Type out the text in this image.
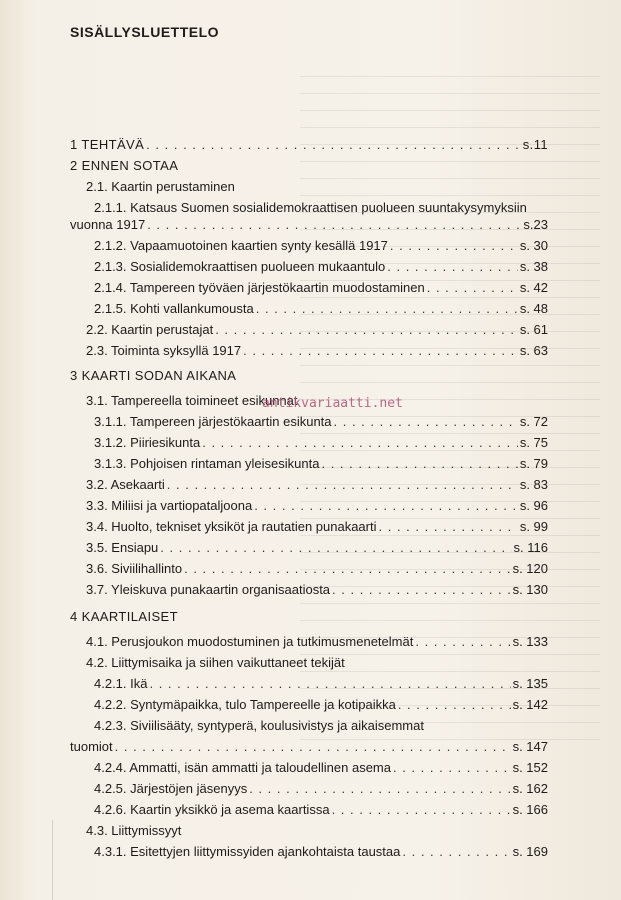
SISÄLLYSLUETTELO
1 TEHTÄVÄ . . .	s.11
2 ENNEN SOTAA
2.1. Kaartin perustaminen
2.1.1. Katsaus Suomen sosialidemokraattisen puolueen suuntakysymyksiin
vuonna 1917 . . .	s.23
2.1.2. Vapaamuotoinen kaartien synty kesällä 1917 . . .	s. 30
2.1.3. Sosialidemokraattisen puolueen mukaantulo . . .	s. 38
2.1.4. Tampereen työväen järjestökaartin muodostaminen . . .	s. 42
2.1.5. Kohti vallankumousta . . .	s. 48
2.2. Kaartin perustajat . . .	s. 61
2.3. Toiminta syksyllä 1917 . . .	s. 63
3 KAARTI SODAN AIKANA
3.1. Tampereella toimineet esikunnat
3.1.1. Tampereen järjestökaartin esikunta . . .	s. 72
3.1.2. Piiriesikunta . . .	s. 75
3.1.3. Pohjoisen rintaman yleisesikunta . . .	s. 79
3.2. Asekaarti . . .	s. 83
3.3. Miliisi ja vartiopataljoona . . .	s. 96
3.4. Huolto, tekniset yksiköt ja rautatien punakaarti . . .	s. 99
3.5. Ensiapu . . .	s. 116
3.6. Siviilihallinto . . .	s. 120
3.7. Yleiskuva punakaartin organisaatiosta . . .	s. 130
4 KAARTILAISET
4.1. Perusjoukon muodostuminen ja tutkimusmenetelmät . . .	s. 133
4.2. Liittymisaika ja siihen vaikuttaneet tekijät
4.2.1. Ikä . . .	s. 135
4.2.2. Syntymäpaikka, tulo Tampereelle ja kotipaikka . . .	s. 142
4.2.3. Siviilisääty, syntyperä, koulusivistys ja aikaisemmat
tuomiot . . .	s. 147
4.2.4. Ammatti, isän ammatti ja taloudellinen asema . . .	s. 152
4.2.5. Järjestöjen jäsenyys . . .	s. 162
4.2.6. Kaartin yksikkö ja asema kaartissa . . .	s. 166
4.3. Liittymissyyt
4.3.1. Esitettyjen liittymissyiden ajankohtaista taustaa . . .	s. 169
antikvariaatti.net
